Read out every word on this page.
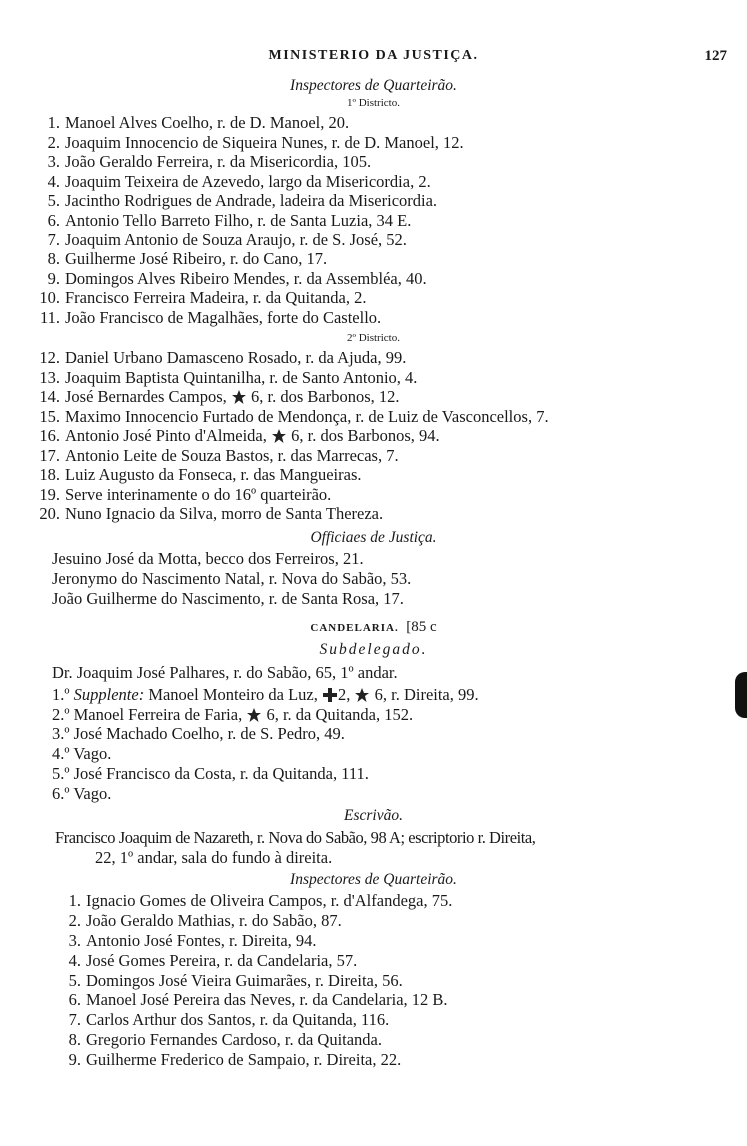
MINISTERIO DA JUSTIÇA.	127
Inspectores de Quarteirão.
1º Districto.
1. Manoel Alves Coelho, r. de D. Manoel, 20.
2. Joaquim Innocencio de Siqueira Nunes, r. de D. Manoel, 12.
3. João Geraldo Ferreira, r. da Misericordia, 105.
4. Joaquim Teixeira de Azevedo, largo da Misericordia, 2.
5. Jacintho Rodrigues de Andrade, ladeira da Misericordia.
6. Antonio Tello Barreto Filho, r. de Santa Luzia, 34 E.
7. Joaquim Antonio de Souza Araujo, r. de S. José, 52.
8. Guilherme José Ribeiro, r. do Cano, 17.
9. Domingos Alves Ribeiro Mendes, r. da Assembléa, 40.
10. Francisco Ferreira Madeira, r. da Quitanda, 2.
11. João Francisco de Magalhães, forte do Castello.
2º Districto.
12. Daniel Urbano Damasceno Rosado, r. da Ajuda, 99.
13. Joaquim Baptista Quintanilha, r. de Santo Antonio, 4.
14. José Bernardes Campos, 6, r. dos Barbonos, 12.
15. Maximo Innocencio Furtado de Mendonça, r. de Luiz de Vasconcellos, 7.
16. Antonio José Pinto d'Almeida, 6, r. dos Barbonos, 94.
17. Antonio Leite de Souza Bastos, r. das Marrecas, 7.
18. Luiz Augusto da Fonseca, r. das Mangueiras.
19. Serve interinamente o do 16º quarteirão.
20. Nuno Ignacio da Silva, morro de Santa Thereza.
Officiaes de Justiça.
Jesuino José da Motta, becco dos Ferreiros, 21.
Jeronymo do Nascimento Natal, r. Nova do Sabão, 53.
João Guilherme do Nascimento, r. de Santa Rosa, 17.
CANDELARIA. [85 c
Subdelegado.
Dr. Joaquim José Palhares, r. do Sabão, 65, 1º andar.
1.º Supplente: Manoel Monteiro da Luz, 2, 6, r. Direita, 99.
2.º Manoel Ferreira de Faria, 6, r. da Quitanda, 152.
3.º José Machado Coelho, r. de S. Pedro, 49.
4.º Vago.
5.º José Francisco da Costa, r. da Quitanda, 111.
6.º Vago.
Escrivão.
Francisco Joaquim de Nazareth, r. Nova do Sabão, 98 A; escriptorio r. Direita,
22, 1º andar, sala do fundo à direita.
Inspectores de Quarteirão.
1. Ignacio Gomes de Oliveira Campos, r. d'Alfandega, 75.
2. João Geraldo Mathias, r. do Sabão, 87.
3. Antonio José Fontes, r. Direita, 94.
4. José Gomes Pereira, r. da Candelaria, 57.
5. Domingos José Vieira Guimarães, r. Direita, 56.
6. Manoel José Pereira das Neves, r. da Candelaria, 12 B.
7. Carlos Arthur dos Santos, r. da Quitanda, 116.
8. Gregorio Fernandes Cardoso, r. da Quitanda.
9. Guilherme Frederico de Sampaio, r. Direita, 22.
